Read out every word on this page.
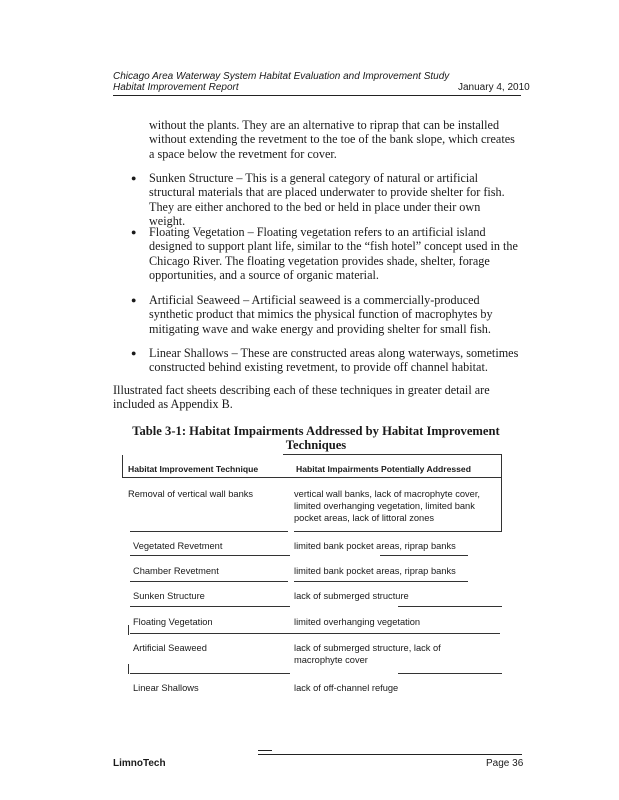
Chicago Area Waterway System Habitat Evaluation and Improvement Study
Habitat Improvement Report	January 4, 2010
without the plants. They are an alternative to riprap that can be installed without extending the revetment to the toe of the bank slope, which creates a space below the revetment for cover.
● Sunken Structure – This is a general category of natural or artificial structural materials that are placed underwater to provide shelter for fish. They are either anchored to the bed or held in place under their own weight.
● Floating Vegetation – Floating vegetation refers to an artificial island designed to support plant life, similar to the “fish hotel” concept used in the Chicago River. The floating vegetation provides shade, shelter, forage opportunities, and a source of organic material.
● Artificial Seaweed – Artificial seaweed is a commercially-produced synthetic product that mimics the physical function of macrophytes by mitigating wave and wake energy and providing shelter for small fish.
● Linear Shallows – These are constructed areas along waterways, sometimes constructed behind existing revetment, to provide off channel habitat.
Illustrated fact sheets describing each of these techniques in greater detail are included as Appendix B.
Table 3-1: Habitat Impairments Addressed by Habitat Improvement Techniques
Habitat Improvement Technique	Habitat Impairments Potentially Addressed
Removal of vertical wall banks	vertical wall banks, lack of macrophyte cover, limited overhanging vegetation, limited bank pocket areas, lack of littoral zones
Vegetated Revetment	limited bank pocket areas, riprap banks
Chamber Revetment	limited bank pocket areas, riprap banks
Sunken Structure	lack of submerged structure
Floating Vegetation	limited overhanging vegetation
Artificial Seaweed	lack of submerged structure, lack of macrophyte cover
Linear Shallows	lack of off-channel refuge
LimnoTech	Page 36
